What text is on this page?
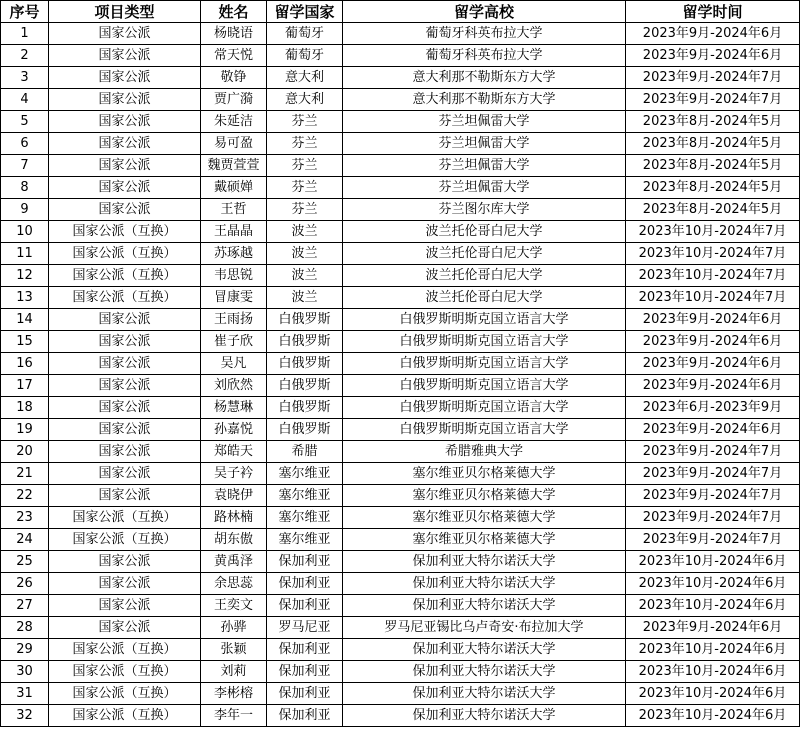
序号	项目类型	姓名	留学国家	留学高校	留学时间
1	国家公派	杨晓语	葡萄牙	葡萄牙科英布拉大学	2023年9月-2024年6月
2	国家公派	常天悦	葡萄牙	葡萄牙科英布拉大学	2023年9月-2024年6月
3	国家公派	敬铮	意大利	意大利那不勒斯东方大学	2023年9月-2024年7月
4	国家公派	贾广漪	意大利	意大利那不勒斯东方大学	2023年9月-2024年7月
5	国家公派	朱延洁	芬兰	芬兰坦佩雷大学	2023年8月-2024年5月
6	国家公派	易可盈	芬兰	芬兰坦佩雷大学	2023年8月-2024年5月
7	国家公派	魏贾萱萱	芬兰	芬兰坦佩雷大学	2023年8月-2024年5月
8	国家公派	戴硕婵	芬兰	芬兰坦佩雷大学	2023年8月-2024年5月
9	国家公派	王哲	芬兰	芬兰图尔库大学	2023年8月-2024年5月
10	国家公派（互换）	王晶晶	波兰	波兰托伦哥白尼大学	2023年10月-2024年7月
11	国家公派（互换）	苏琢越	波兰	波兰托伦哥白尼大学	2023年10月-2024年7月
12	国家公派（互换）	韦思锐	波兰	波兰托伦哥白尼大学	2023年10月-2024年7月
13	国家公派（互换）	冒康雯	波兰	波兰托伦哥白尼大学	2023年10月-2024年7月
14	国家公派	王雨扬	白俄罗斯	白俄罗斯明斯克国立语言大学	2023年9月-2024年6月
15	国家公派	崔子欣	白俄罗斯	白俄罗斯明斯克国立语言大学	2023年9月-2024年6月
16	国家公派	吴凡	白俄罗斯	白俄罗斯明斯克国立语言大学	2023年9月-2024年6月
17	国家公派	刘欣然	白俄罗斯	白俄罗斯明斯克国立语言大学	2023年9月-2024年6月
18	国家公派	杨慧琳	白俄罗斯	白俄罗斯明斯克国立语言大学	2023年6月-2023年9月
19	国家公派	孙嘉悦	白俄罗斯	白俄罗斯明斯克国立语言大学	2023年9月-2024年6月
20	国家公派	郑皓天	希腊	希腊雅典大学	2023年9月-2024年7月
21	国家公派	吴子衿	塞尔维亚	塞尔维亚贝尔格莱德大学	2023年9月-2024年7月
22	国家公派	袁晓伊	塞尔维亚	塞尔维亚贝尔格莱德大学	2023年9月-2024年7月
23	国家公派（互换）	路林楠	塞尔维亚	塞尔维亚贝尔格莱德大学	2023年9月-2024年7月
24	国家公派（互换）	胡东傲	塞尔维亚	塞尔维亚贝尔格莱德大学	2023年9月-2024年7月
25	国家公派	黄禹泽	保加利亚	保加利亚大特尔诺沃大学	2023年10月-2024年6月
26	国家公派	余思蕊	保加利亚	保加利亚大特尔诺沃大学	2023年10月-2024年6月
27	国家公派	王奕文	保加利亚	保加利亚大特尔诺沃大学	2023年10月-2024年6月
28	国家公派	孙骅	罗马尼亚	罗马尼亚锡比乌卢奇安·布拉加大学	2023年9月-2024年6月
29	国家公派（互换）	张颖	保加利亚	保加利亚大特尔诺沃大学	2023年10月-2024年6月
30	国家公派（互换）	刘莉	保加利亚	保加利亚大特尔诺沃大学	2023年10月-2024年6月
31	国家公派（互换）	李彬榕	保加利亚	保加利亚大特尔诺沃大学	2023年10月-2024年6月
32	国家公派（互换）	李年一	保加利亚	保加利亚大特尔诺沃大学	2023年10月-2024年6月
